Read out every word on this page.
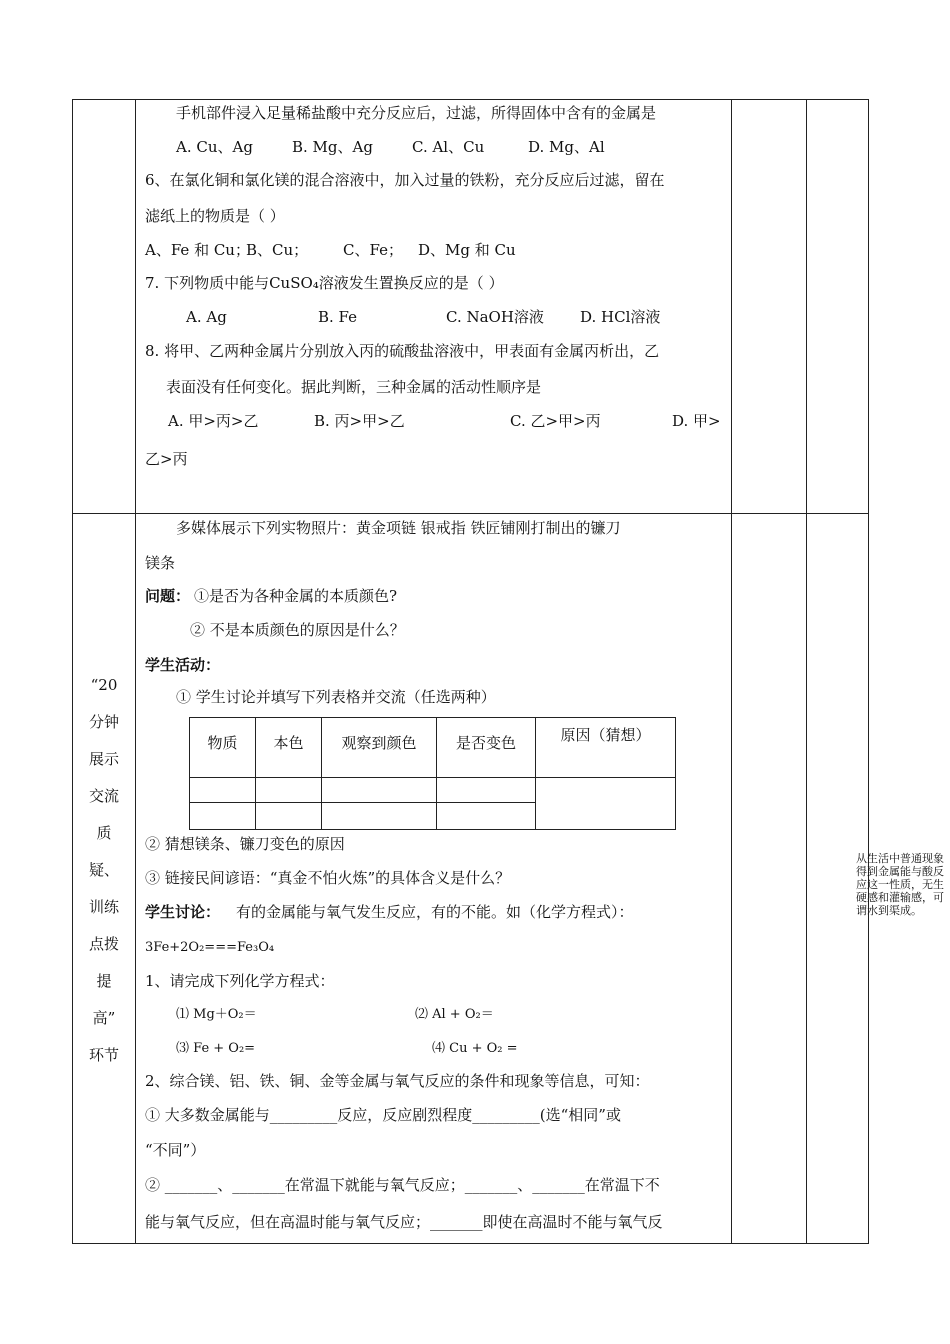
手机部件浸入足量稀盐酸中充分反应后，过滤，所得固体中含有的金属是
A. Cu、Ag	B. Mg、Ag	C. Al、Cu	D. Mg、Al
6、在氯化铜和氯化镁的混合溶液中，加入过量的铁粉，充分反应后过滤，留在
滤纸上的物质是（ ）
A、Fe 和 Cu；
B、Cu； C、Fe； D、Mg 和 Cu
7. 下列物质中能与CuSO₄溶液发生置换反应的是（ ）
A. Ag	B. Fe	C. NaOH溶液 D. HCl溶液
8. 将甲、乙两种金属片分别放入丙的硫酸盐溶液中，甲表面有金属丙析出，乙
表面没有任何变化。据此判断，三种金属的活动性顺序是
A. 甲>丙>乙	B. 丙>甲>乙	C. 乙>甲>丙	D. 甲>
乙>丙
“20
分钟
展示
交流
质
疑、
训练
点拨
提
高”
环节
多媒体展示下列实物照片：黄金项链 银戒指 铁匠铺刚打制出的镰刀
镁条
问题： ①是否为各种金属的本质颜色?
② 不是本质颜色的原因是什么？
学生活动：
① 学生讨论并填写下列表格并交流（任选两种）
物质	本色	观察到颜色	是否变色	原因（猜想）

② 猜想镁条、镰刀变色的原因
③ 链接民间谚语：“真金不怕火炼”的具体含义是什么？
学生讨论： 有的金属能与氧气发生反应，有的不能。如（化学方程式）：
3Fe+2O₂===Fe₃O₄
1、请完成下列化学方程式：
⑴ Mg＋O₂＝	⑵ Al + O₂＝
⑶ Fe + O₂=	⑷ Cu + O₂ =
2、综合镁、铝、铁、铜、金等金属与氧气反应的条件和现象等信息，可知：
① 大多数金属能与_________反应，反应剧烈程度_________(选“相同”或
“不同”）
② _______、_______在常温下就能与氧气反应；_______、_______在常温下不
能与氧气反应，但在高温时能与氧气反应；_______即使在高温时不能与氧气反
从生活中普通现象得到金属能与酸反应这一性质，无生硬感和灌输感，可谓水到渠成。
